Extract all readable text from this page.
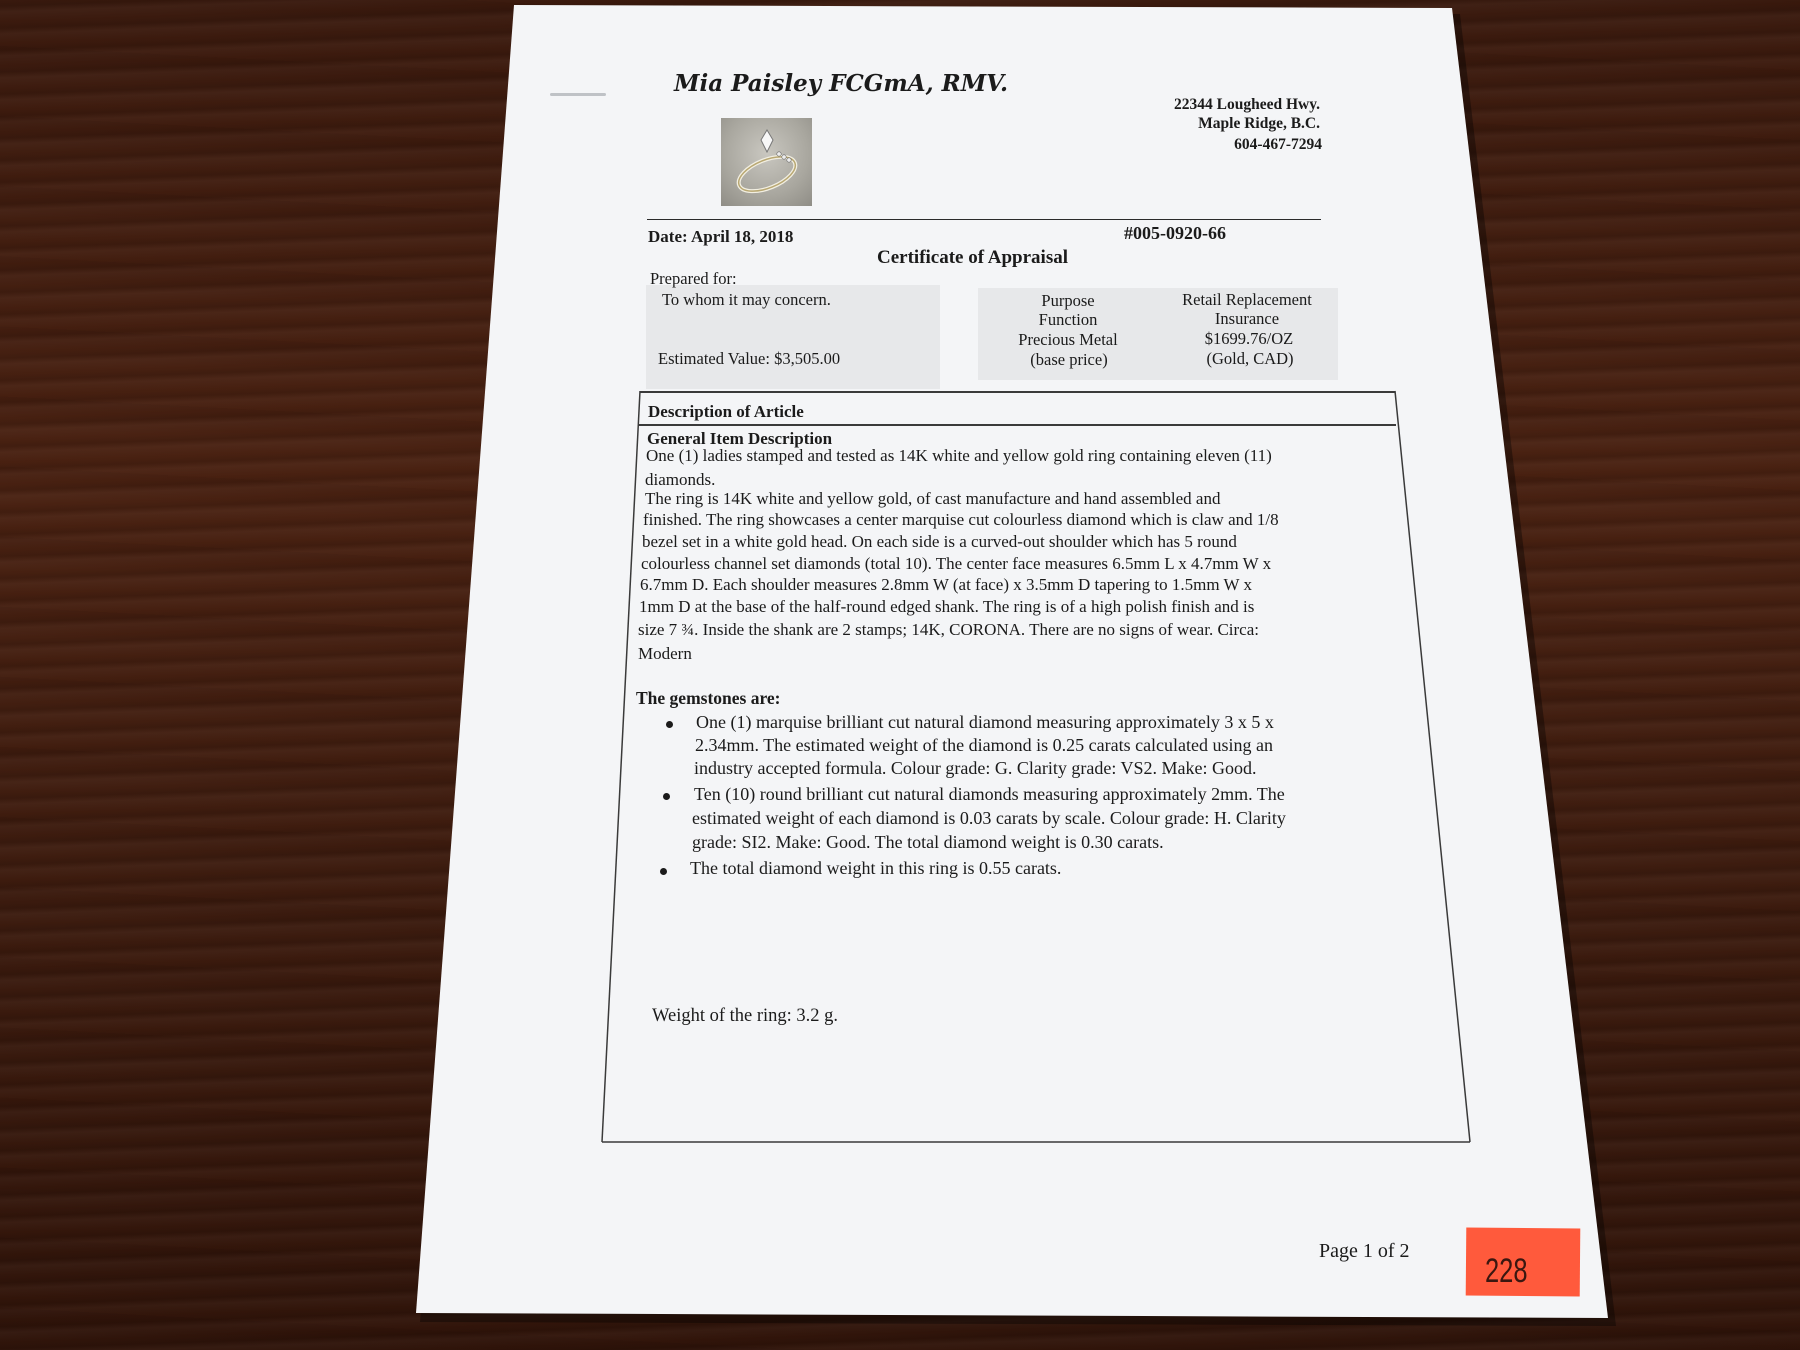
Mia Paisley FCGmA, RMV.
22344 Lougheed Hwy.
Maple Ridge, B.C.
604-467-7294
Date: April 18, 2018	#005-0920-66
Certificate of Appraisal
Prepared for:
To whom it may concern.
Estimated Value: $3,505.00
Purpose
Function
Precious Metal
(base price)
Retail Replacement
Insurance
$1699.76/OZ
(Gold, CAD)
Description of Article
General Item Description
One (1) ladies stamped and tested as 14K white and yellow gold ring containing eleven (11)
diamonds.
The ring is 14K white and yellow gold, of cast manufacture and hand assembled and
finished. The ring showcases a center marquise cut colourless diamond which is claw and 1/8
bezel set in a white gold head. On each side is a curved-out shoulder which has 5 round
colourless channel set diamonds (total 10). The center face measures 6.5mm L x 4.7mm W x
6.7mm D. Each shoulder measures 2.8mm W (at face) x 3.5mm D tapering to 1.5mm W x
1mm D at the base of the half-round edged shank. The ring is of a high polish finish and is
size 7 ¾. Inside the shank are 2 stamps; 14K, CORONA. There are no signs of wear. Circa:
Modern
The gemstones are:
One (1) marquise brilliant cut natural diamond measuring approximately 3 x 5 x
2.34mm. The estimated weight of the diamond is 0.25 carats calculated using an
industry accepted formula. Colour grade: G. Clarity grade: VS2. Make: Good.
Ten (10) round brilliant cut natural diamonds measuring approximately 2mm. The
estimated weight of each diamond is 0.03 carats by scale. Colour grade: H. Clarity
grade: SI2. Make: Good. The total diamond weight is 0.30 carats.
The total diamond weight in this ring is 0.55 carats.
Weight of the ring: 3.2 g.
Page 1 of 2
228
